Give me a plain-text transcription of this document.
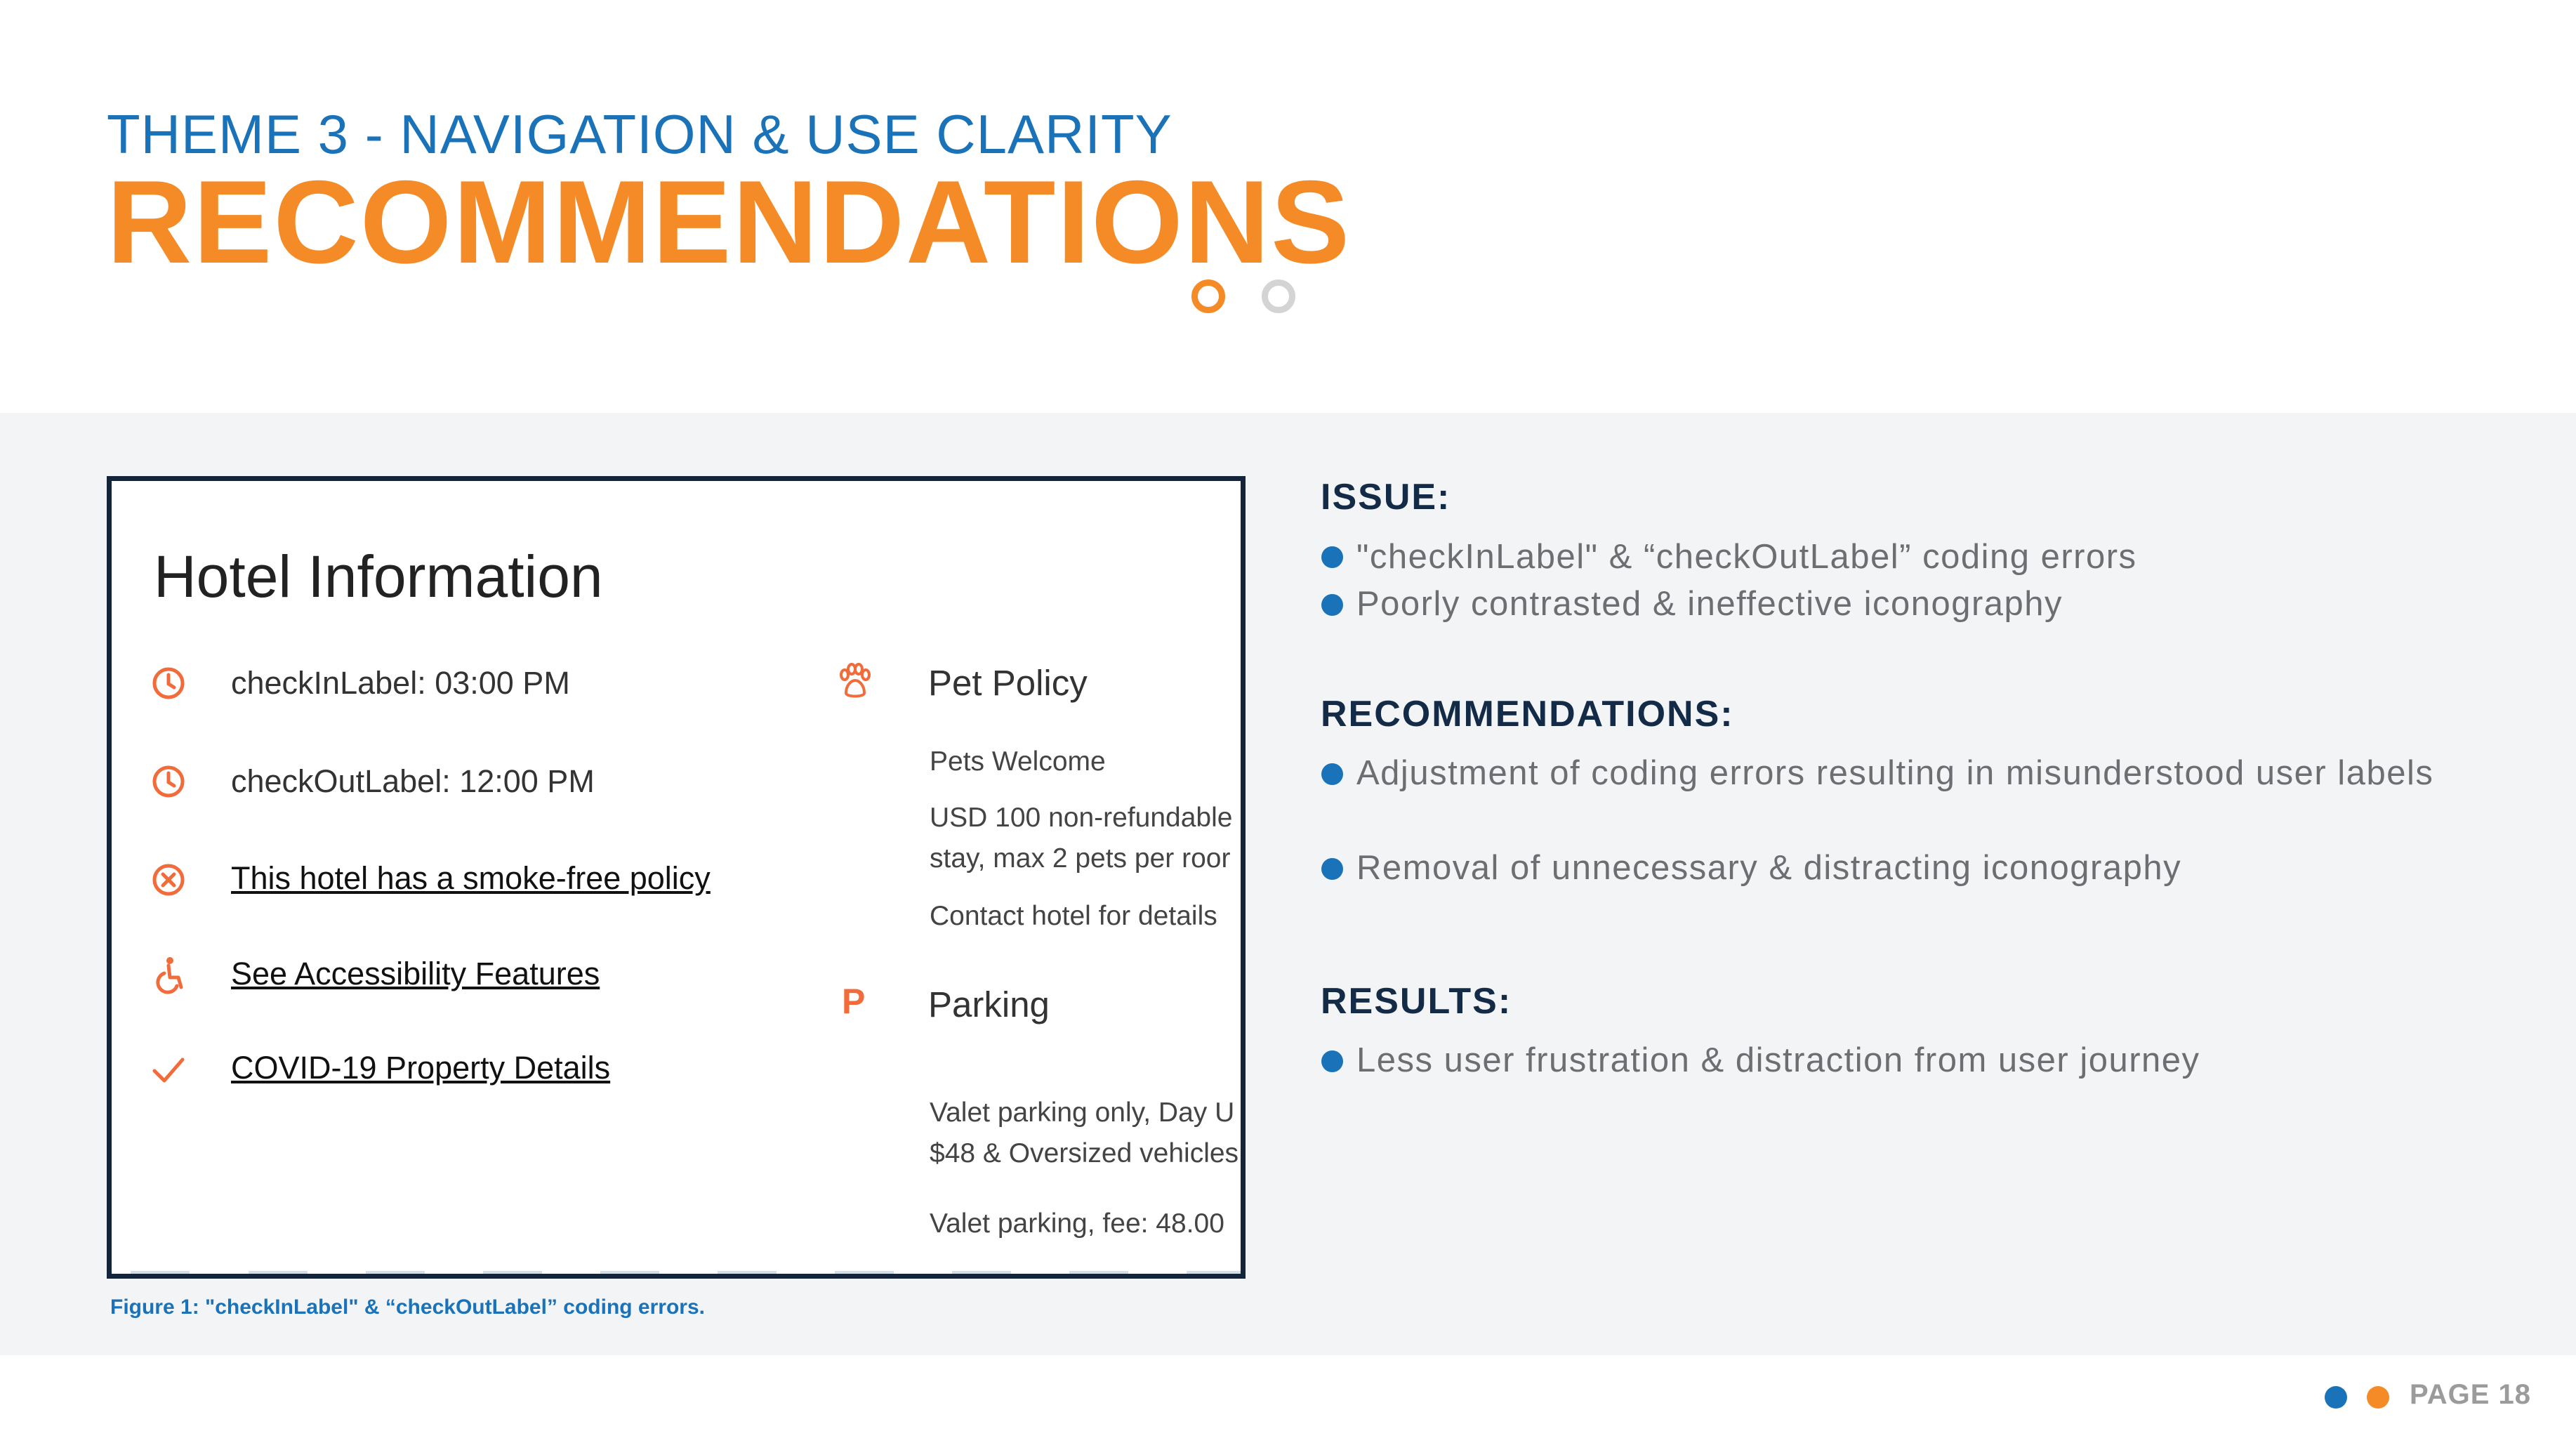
THEME 3 - NAVIGATION & USE CLARITY
RECOMMENDATIONS
Hotel Information
checkInLabel: 03:00 PM
checkOutLabel: 12:00 PM
This hotel has a smoke-free policy
See Accessibility Features
COVID-19 Property Details
Pet Policy
Pets Welcome
USD 100 non-refundable
stay, max 2 pets per roor
Contact hotel for details
P Parking
Valet parking only, Day U
$48 & Oversized vehicles
Valet parking, fee: 48.00
Figure 1: "checkInLabel" & “checkOutLabel” coding errors.
ISSUE:
"checkInLabel" & “checkOutLabel” coding errors
Poorly contrasted & ineffective iconography
RECOMMENDATIONS:
Adjustment of coding errors resulting in misunderstood user labels
Removal of unnecessary & distracting iconography
RESULTS:
Less user frustration & distraction from user journey
PAGE 18
